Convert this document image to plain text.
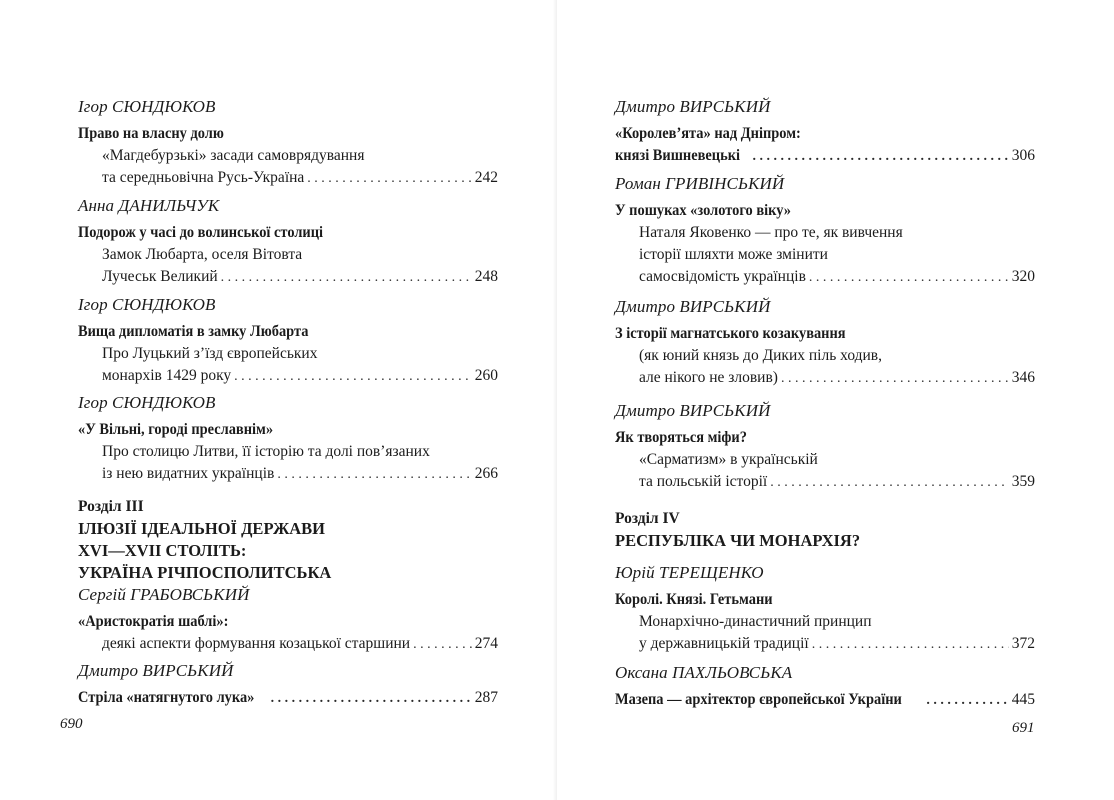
Ігор СЮНДЮКОВ
Право на власну долю
«Магдебурзькі» засади самоврядування
та середньовічна Русь-Україна . . .	242
Анна ДАНИЛЬЧУК
Подорож у часі до волинської столиці
Замок Любарта, оселя Вітовта
Лучеськ Великий . . .	248
Ігор СЮНДЮКОВ
Вища дипломатія в замку Любарта
Про Луцький з’їзд європейських
монархів 1429 року . . .	260
Ігор СЮНДЮКОВ
«У Вільні, городі преславнім»
Про столицю Литви, її історію та долі пов’язаних
із нею видатних українців . . .	266
Розділ III
ІЛЮЗІЇ ІДЕАЛЬНОЇ ДЕРЖАВИ
XVI—XVII СТОЛІТЬ:
УКРАЇНА РІЧПОСПОЛИТСЬКА
Сергій ГРАБОВСЬКИЙ
«Аристократія шаблі»:
деякі аспекти формування козацької старшини . . .	274
Дмитро ВИРСЬКИЙ
Стріла «натягнутого лука» . . .	287
690
Дмитро ВИРСЬКИЙ
«Королев’ята» над Дніпром:
князі Вишневецькі . . .	306
Роман ГРИВІНСЬКИЙ
У пошуках «золотого віку»
Наталя Яковенко — про те, як вивчення
історії шляхти може змінити
самосвідомість українців . . .	320
Дмитро ВИРСЬКИЙ
З історії магнатського козакування
(як юний князь до Диких піль ходив,
але нікого не зловив) . . .	346
Дмитро ВИРСЬКИЙ
Як творяться міфи?
«Сарматизм» в українській
та польській історії . . .	359
Розділ IV
РЕСПУБЛІКА ЧИ МОНАРХІЯ?
Юрій ТЕРЕЩЕНКО
Королі. Князі. Гетьмани
Монархічно-династичний принцип
у державницькій традиції . . .	372
Оксана ПАХЛЬОВСЬКА
Мазепа — архітектор європейської України . . .	445
691
